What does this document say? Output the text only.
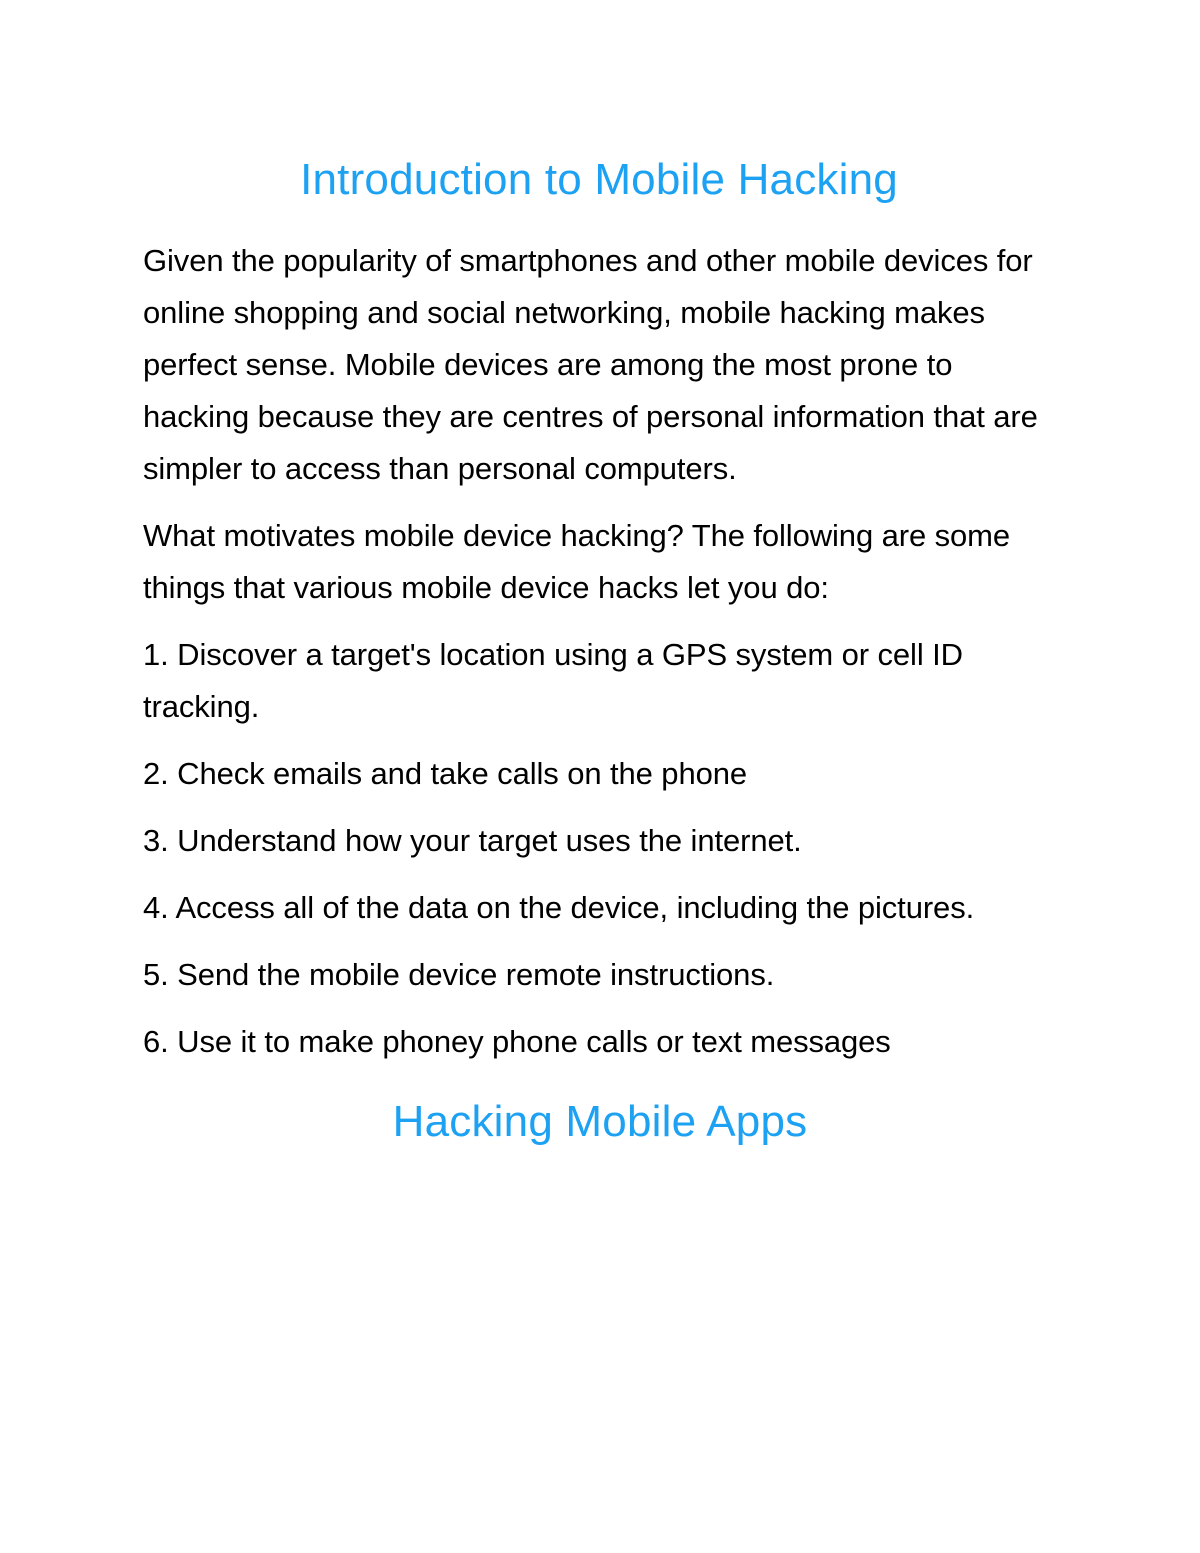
Introduction to Mobile Hacking

Given the popularity of smartphones and other mobile devices for online shopping and social networking, mobile hacking makes perfect sense. Mobile devices are among the most prone to hacking because they are centres of personal information that are simpler to access than personal computers.

What motivates mobile device hacking? The following are some things that various mobile device hacks let you do:

1. Discover a target's location using a GPS system or cell ID tracking.

2. Check emails and take calls on the phone

3. Understand how your target uses the internet.

4. Access all of the data on the device, including the pictures.

5. Send the mobile device remote instructions.

6. Use it to make phoney phone calls or text messages

Hacking Mobile Apps
